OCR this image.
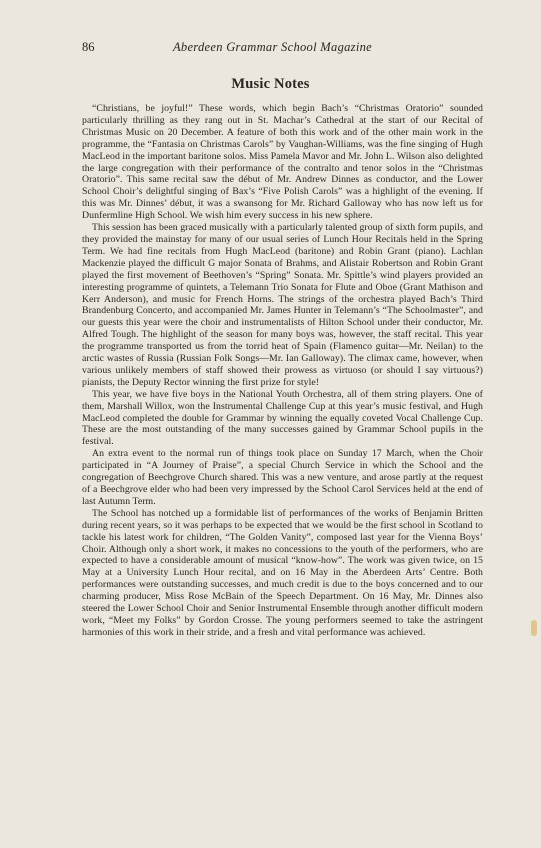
86	Aberdeen Grammar School Magazine
Music Notes

“Christians, be joyful!” These words, which begin Bach’s “Christmas Oratorio” sounded particularly thrilling as they rang out in St. Machar’s Cathedral at the start of our Recital of Christmas Music on 20 December. A feature of both this work and of the other main work in the programme, the “Fantasia on Christmas Carols” by Vaughan-Williams, was the fine singing of Hugh MacLeod in the important baritone solos. Miss Pamela Mavor and Mr. John L. Wilson also delighted the large congregation with their performance of the contralto and tenor solos in the “Christmas Oratorio”. This same recital saw the début of Mr. Andrew Dinnes as conductor, and the Lower School Choir’s delightful singing of Bax’s “Five Polish Carols” was a highlight of the evening. If this was Mr. Dinnes’ début, it was a swansong for Mr. Richard Galloway who has now left us for Dunfermline High School. We wish him every success in his new sphere.

This session has been graced musically with a particularly talented group of sixth form pupils, and they provided the mainstay for many of our usual series of Lunch Hour Recitals held in the Spring Term. We had fine recitals from Hugh MacLeod (baritone) and Robin Grant (piano). Lachlan Mackenzie played the difficult G major Sonata of Brahms, and Alistair Robertson and Robin Grant played the first movement of Beethoven’s “Spring” Sonata. Mr. Spittle’s wind players provided an interesting programme of quintets, a Telemann Trio Sonata for Flute and Oboe (Grant Mathison and Kerr Anderson), and music for French Horns. The strings of the orchestra played Bach’s Third Brandenburg Concerto, and accompanied Mr. James Hunter in Telemann’s “The Schoolmaster”, and our guests this year were the choir and instrumentalists of Hilton School under their conductor, Mr. Alfred Tough. The highlight of the season for many boys was, however, the staff recital. This year the programme transported us from the torrid heat of Spain (Flamenco guitar—Mr. Neilan) to the arctic wastes of Russia (Russian Folk Songs—Mr. Ian Galloway). The climax came, however, when various unlikely members of staff showed their prowess as virtuoso (or should I say virtuous?) pianists, the Deputy Rector winning the first prize for style!

This year, we have five boys in the National Youth Orchestra, all of them string players. One of them, Marshall Willox, won the Instrumental Challenge Cup at this year’s music festival, and Hugh MacLeod completed the double for Grammar by winning the equally coveted Vocal Challenge Cup. These are the most outstanding of the many successes gained by Grammar School pupils in the festival.

An extra event to the normal run of things took place on Sunday 17 March, when the Choir participated in “A Journey of Praise”, a special Church Service in which the School and the congregation of Beechgrove Church shared. This was a new venture, and arose partly at the request of a Beechgrove elder who had been very impressed by the School Carol Services held at the end of last Autumn Term.

The School has notched up a formidable list of performances of the works of Benjamin Britten during recent years, so it was perhaps to be expected that we would be the first school in Scotland to tackle his latest work for children, “The Golden Vanity”, composed last year for the Vienna Boys’ Choir. Although only a short work, it makes no concessions to the youth of the performers, who are expected to have a considerable amount of musical “know-how”. The work was given twice, on 15 May at a University Lunch Hour recital, and on 16 May in the Aberdeen Arts’ Centre. Both performances were outstanding successes, and much credit is due to the boys concerned and to our charming producer, Miss Rose McBain of the Speech Department. On 16 May, Mr. Dinnes also steered the Lower School Choir and Senior Instrumental Ensemble through another difficult modern work, “Meet my Folks” by Gordon Crosse. The young performers seemed to take the astringent harmonies of this work in their stride, and a fresh and vital performance was achieved.
